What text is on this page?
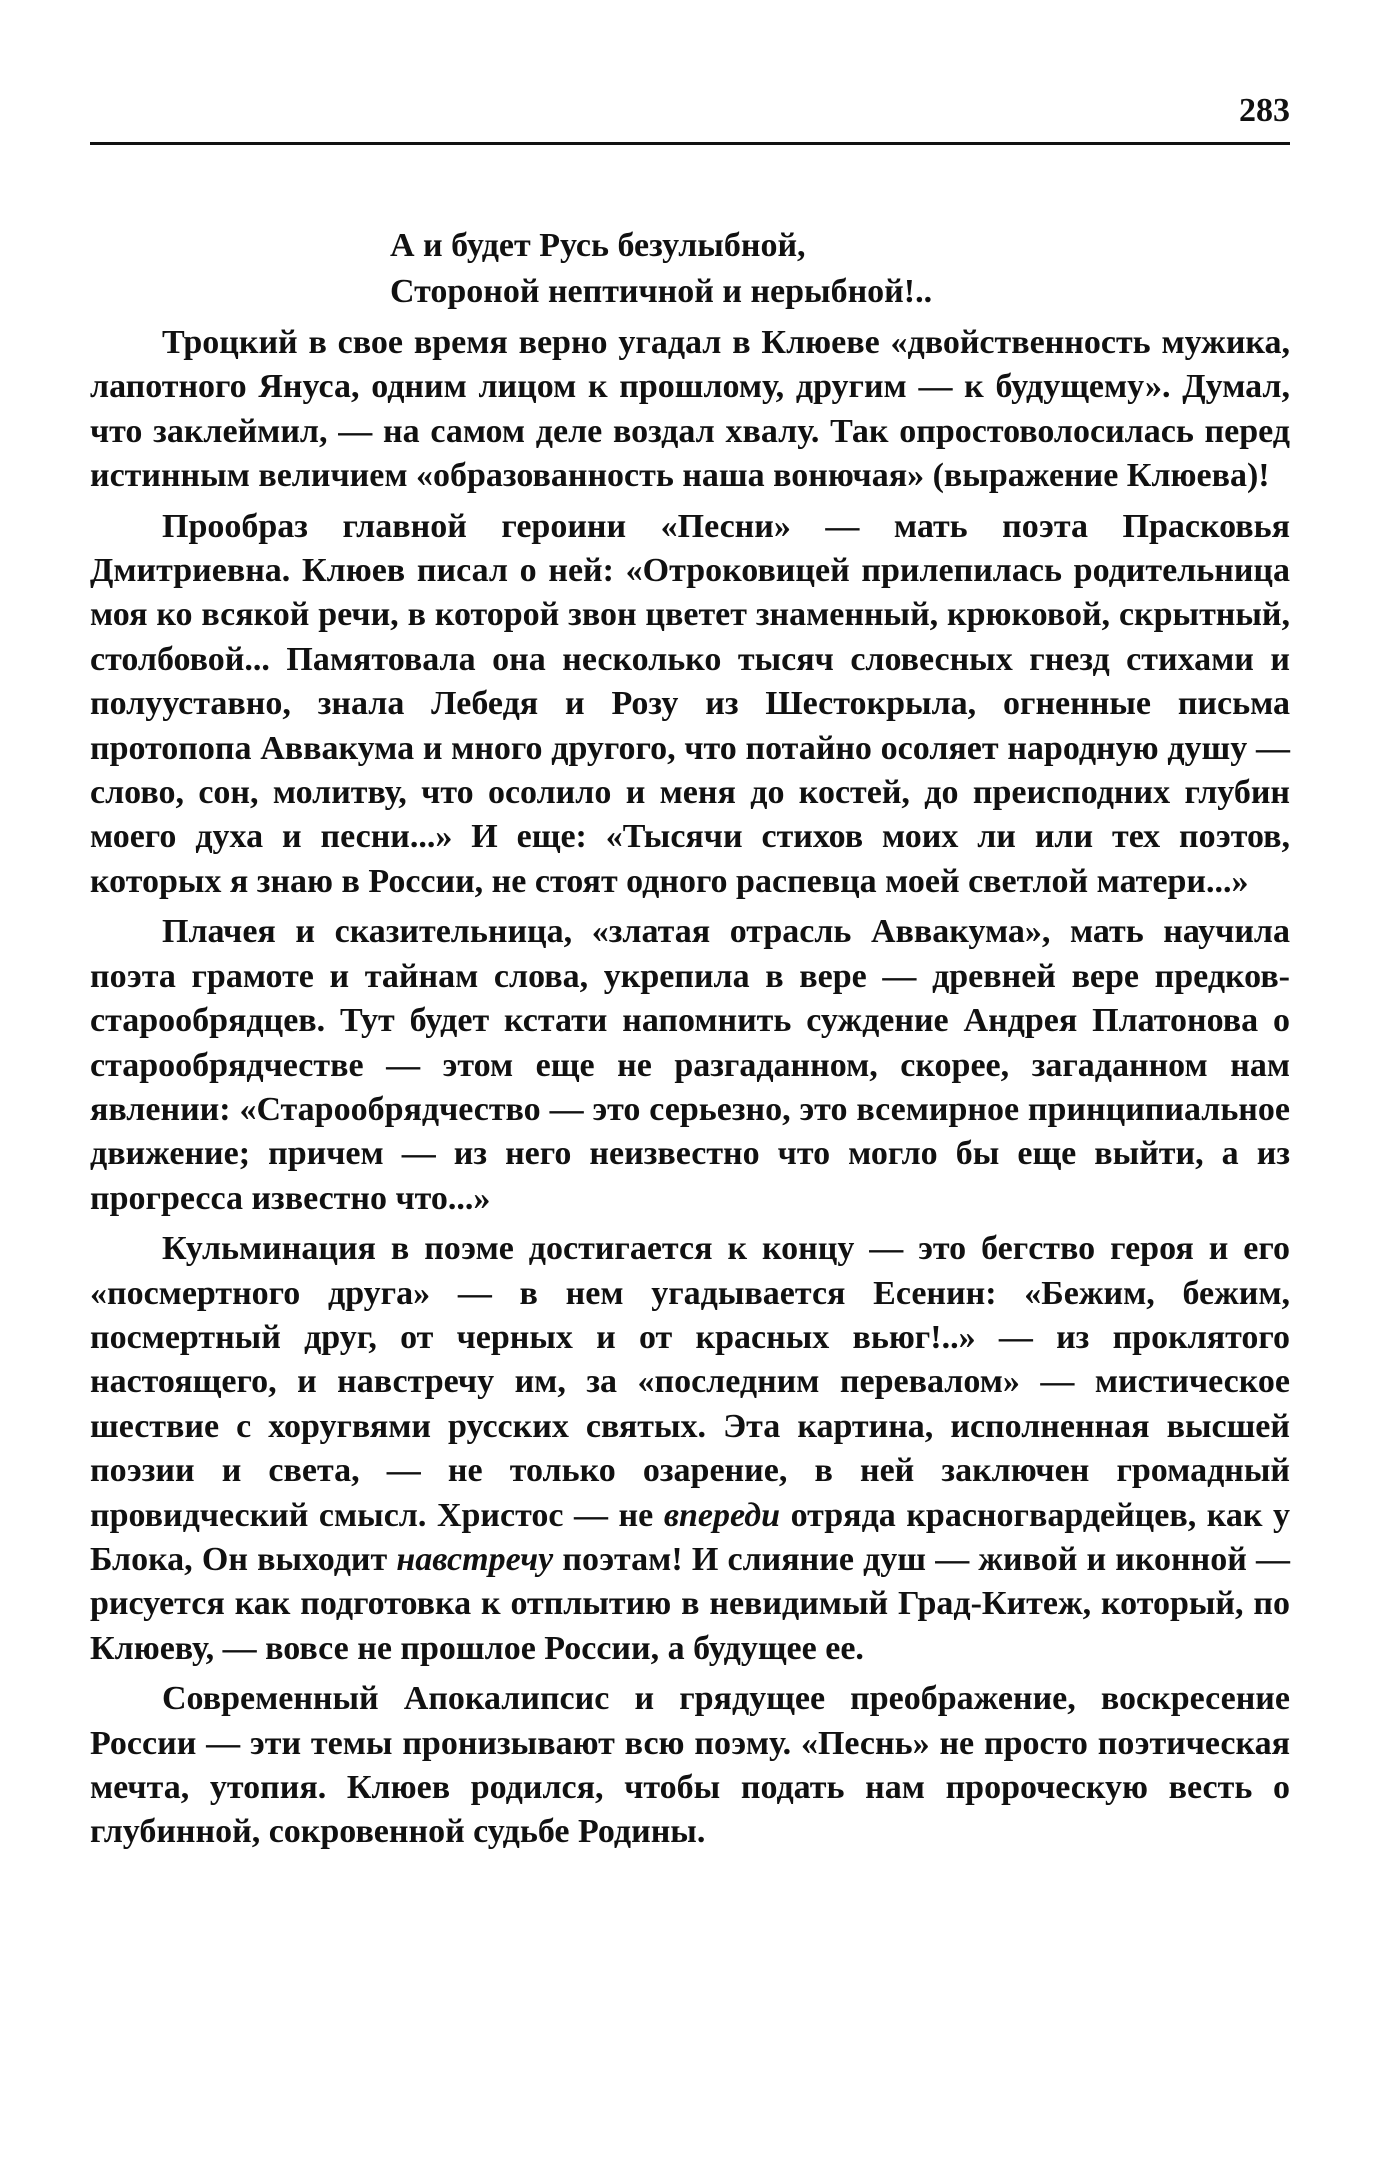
283
А и будет Русь безулыбной,
Стороной нептичной и нерыбной!..

Троцкий в свое время верно угадал в Клюеве «двойственность мужика, лапотного Януса, одним лицом к прошлому, другим — к будущему». Думал, что заклеймил, — на самом деле воздал хвалу. Так опростоволосилась перед истинным величием «образованность наша вонючая» (выражение Клюева)!

Прообраз главной героини «Песни» — мать поэта Прасковья Дмитриевна. Клюев писал о ней: «Отроковицей прилепилась родительница моя ко всякой речи, в которой звон цветет знаменный, крюковой, скрытный, столбовой... Памятовала она несколько тысяч словесных гнезд стихами и полууставно, знала Лебедя и Розу из Шестокрыла, огненные письма протопопа Аввакума и много другого, что потайно осоляет народную душу — слово, сон, молитву, что осолило и меня до костей, до преисподних глубин моего духа и песни...» И еще: «Тысячи стихов моих ли или тех поэтов, которых я знаю в России, не стоят одного распевца моей светлой матери...»

Плачея и сказительница, «златая отрасль Аввакума», мать научила поэта грамоте и тайнам слова, укрепила в вере — древней вере предков-старообрядцев. Тут будет кстати напомнить суждение Андрея Платонова о старообрядчестве — этом еще не разгаданном, скорее, загаданном нам явлении: «Старообрядчество — это серьезно, это всемирное принципиальное движение; причем — из него неизвестно что могло бы еще выйти, а из прогресса известно что...»

Кульминация в поэме достигается к концу — это бегство героя и его «посмертного друга» — в нем угадывается Есенин: «Бежим, бежим, посмертный друг, от черных и от красных вьюг!..» — из проклятого настоящего, и навстречу им, за «последним перевалом» — мистическое шествие с хоругвями русских святых. Эта картина, исполненная высшей поэзии и света, — не только озарение, в ней заключен громадный провидческий смысл. Христос — не впереди отряда красногвардейцев, как у Блока, Он выходит навстречу поэтам! И слияние душ — живой и иконной — рисуется как подготовка к отплытию в невидимый Град-Китеж, который, по Клюеву, — вовсе не прошлое России, а будущее ее.

Современный Апокалипсис и грядущее преображение, воскресение России — эти темы пронизывают всю поэму. «Песнь» не просто поэтическая мечта, утопия. Клюев родился, чтобы подать нам пророческую весть о глубинной, сокровенной судьбе Родины.
